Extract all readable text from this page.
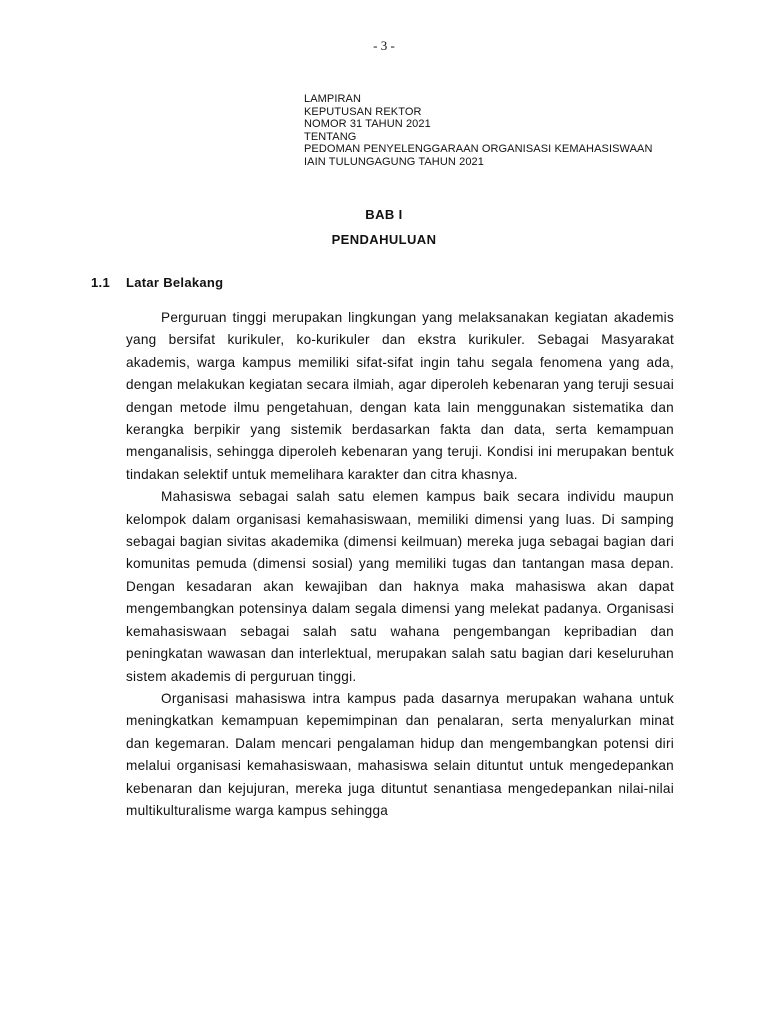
- 3 -
LAMPIRAN
KEPUTUSAN REKTOR
NOMOR 31 TAHUN 2021
TENTANG
PEDOMAN PENYELENGGARAAN ORGANISASI KEMAHASISWAAN
IAIN TULUNGAGUNG TAHUN 2021
BAB I
PENDAHULUAN
1.1 Latar Belakang

Perguruan tinggi merupakan lingkungan yang melaksanakan kegiatan akademis yang bersifat kurikuler, ko-kurikuler dan ekstra kurikuler. Sebagai Masyarakat akademis, warga kampus memiliki sifat-sifat ingin tahu segala fenomena yang ada, dengan melakukan kegiatan secara ilmiah, agar diperoleh kebenaran yang teruji sesuai dengan metode ilmu pengetahuan, dengan kata lain menggunakan sistematika dan kerangka berpikir yang sistemik berdasarkan fakta dan data, serta kemampuan menganalisis, sehingga diperoleh kebenaran yang teruji. Kondisi ini merupakan bentuk tindakan selektif untuk memelihara karakter dan citra khasnya.

Mahasiswa sebagai salah satu elemen kampus baik secara individu maupun kelompok dalam organisasi kemahasiswaan, memiliki dimensi yang luas. Di samping sebagai bagian sivitas akademika (dimensi keilmuan) mereka juga sebagai bagian dari komunitas pemuda (dimensi sosial) yang memiliki tugas dan tantangan masa depan. Dengan kesadaran akan kewajiban dan haknya maka mahasiswa akan dapat mengembangkan potensinya dalam segala dimensi yang melekat padanya. Organisasi kemahasiswaan sebagai salah satu wahana pengembangan kepribadian dan peningkatan wawasan dan interlektual, merupakan salah satu bagian dari keseluruhan sistem akademis di perguruan tinggi.

Organisasi mahasiswa intra kampus pada dasarnya merupakan wahana untuk meningkatkan kemampuan kepemimpinan dan penalaran, serta menyalurkan minat dan kegemaran. Dalam mencari pengalaman hidup dan mengembangkan potensi diri melalui organisasi kemahasiswaan, mahasiswa selain dituntut untuk mengedepankan kebenaran dan kejujuran, mereka juga dituntut senantiasa mengedepankan nilai-nilai multikulturalisme warga kampus sehingga
